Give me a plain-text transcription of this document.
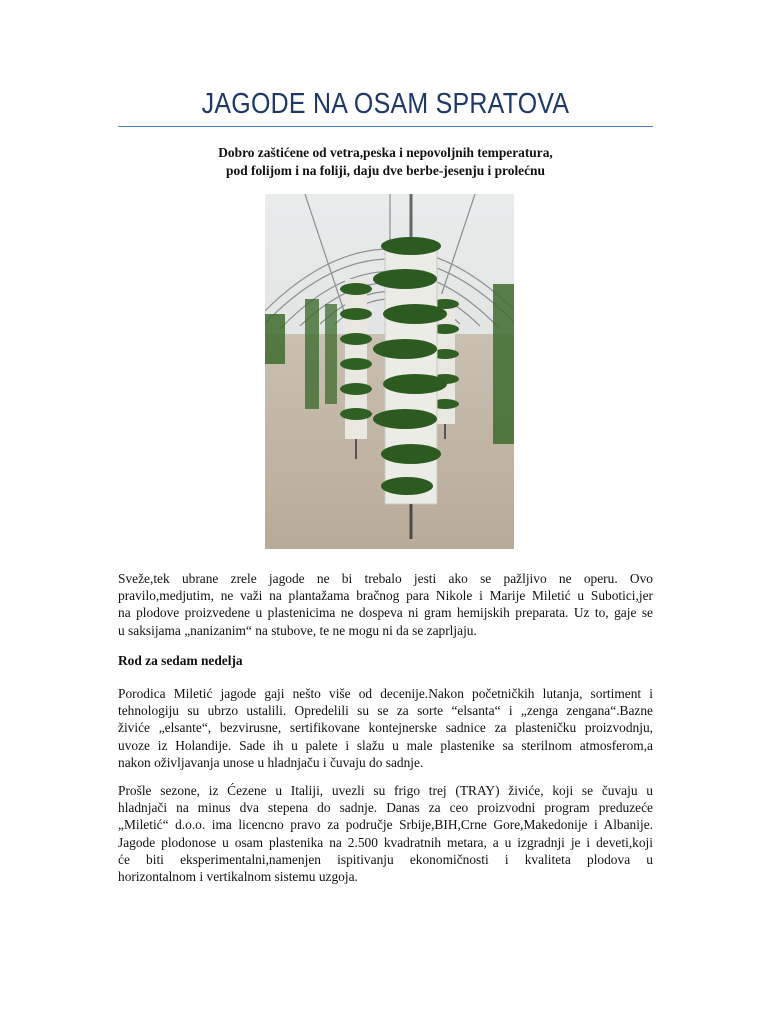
JAGODE NA OSAM SPRATOVA
Dobro zaštićene od vetra,peska i nepovoljnih temperatura,
pod folijom i na foliji, daju dve berbe-jesenju i prolećnu
Sveže,tek ubrane zrele jagode ne bi trebalo jesti ako se pažljivo ne operu. Ovo
pravilo,medjutim, ne važi na plantažama bračnog para Nikole i Marije Miletić u Subotici,jer
na plodove proizvedene u plastenicima ne dospeva ni gram hemijskih preparata. Uz to, gaje se
u saksijama „nanizanim“ na stubove, te ne mogu ni da se zaprljaju.
Rod za sedam nedelja
Porodica Miletić jagode gaji nešto više od decenije.Nakon početničkih lutanja, sortiment i
tehnologiju su ubrzo ustalili. Opredelili su se za sorte “elsanta“ i „zenga zengana“.Bazne
živiće „elsante“, bezvirusne, sertifikovane kontejnerske sadnice za plasteničku proizvodnju,
uvoze iz Holandije. Sade ih u palete i slažu u male plastenike sa sterilnom atmosferom,a
nakon oživljavanja unose u hladnjaču i čuvaju do sadnje.
Prošle sezone, iz Ćezene u Italiji, uvezli su frigo trej (TRAY) živiće, koji se čuvaju u
hladnjači na minus dva stepena do sadnje. Danas za ceo proizvodni program preduzeće
„Miletić“ d.o.o. ima licencno pravo za područje Srbije,BIH,Crne Gore,Makedonije i Albanije.
Jagode plodonose u osam plastenika na 2.500 kvadratnih metara, a u izgradnji je i deveti,koji
će biti eksperimentalni,namenjen ispitivanju ekonomičnosti i kvaliteta plodova u
horizontalnom i vertikalnom sistemu uzgoja.
